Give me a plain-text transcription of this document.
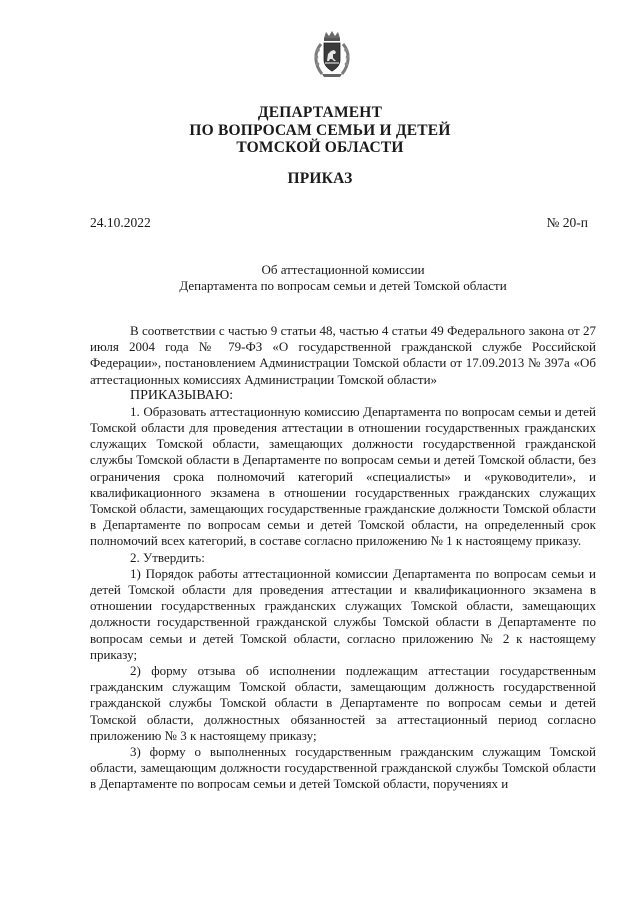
ДЕПАРТАМЕНТ
ПО ВОПРОСАМ СЕМЬИ И ДЕТЕЙ
ТОМСКОЙ ОБЛАСТИ
ПРИКАЗ
24.10.2022	№ 20-п
Об аттестационной комиссии
Департамента по вопросам семьи и детей Томской области

В соответствии с частью 9 статьи 48, частью 4 статьи 49 Федерального закона от 27 июля 2004 года № 79-ФЗ «О государственной гражданской службе Российской Федерации», постановлением Администрации Томской области от 17.09.2013 № 397а «Об аттестационных комиссиях Администрации Томской области»

ПРИКАЗЫВАЮ:

1. Образовать аттестационную комиссию Департамента по вопросам семьи и детей Томской области для проведения аттестации в отношении государственных гражданских служащих Томской области, замещающих должности государственной гражданской службы Томской области в Департаменте по вопросам семьи и детей Томской области, без ограничения срока полномочий категорий «специалисты» и «руководители», и квалификационного экзамена в отношении государственных гражданских служащих Томской области, замещающих государственные гражданские должности Томской области в Департаменте по вопросам семьи и детей Томской области, на определенный срок полномочий всех категорий, в составе согласно приложению № 1 к настоящему приказу.

2. Утвердить:

1) Порядок работы аттестационной комиссии Департамента по вопросам семьи и детей Томской области для проведения аттестации и квалификационного экзамена в отношении государственных гражданских служащих Томской области, замещающих должности государственной гражданской службы Томской области в Департаменте по вопросам семьи и детей Томской области, согласно приложению № 2 к настоящему приказу;

2) форму отзыва об исполнении подлежащим аттестации государственным гражданским служащим Томской области, замещающим должность государственной гражданской службы Томской области в Департаменте по вопросам семьи и детей Томской области, должностных обязанностей за аттестационный период согласно приложению № 3 к настоящему приказу;

3) форму о выполненных государственным гражданским служащим Томской области, замещающим должности государственной гражданской службы Томской области в Департаменте по вопросам семьи и детей Томской области, поручениях и
